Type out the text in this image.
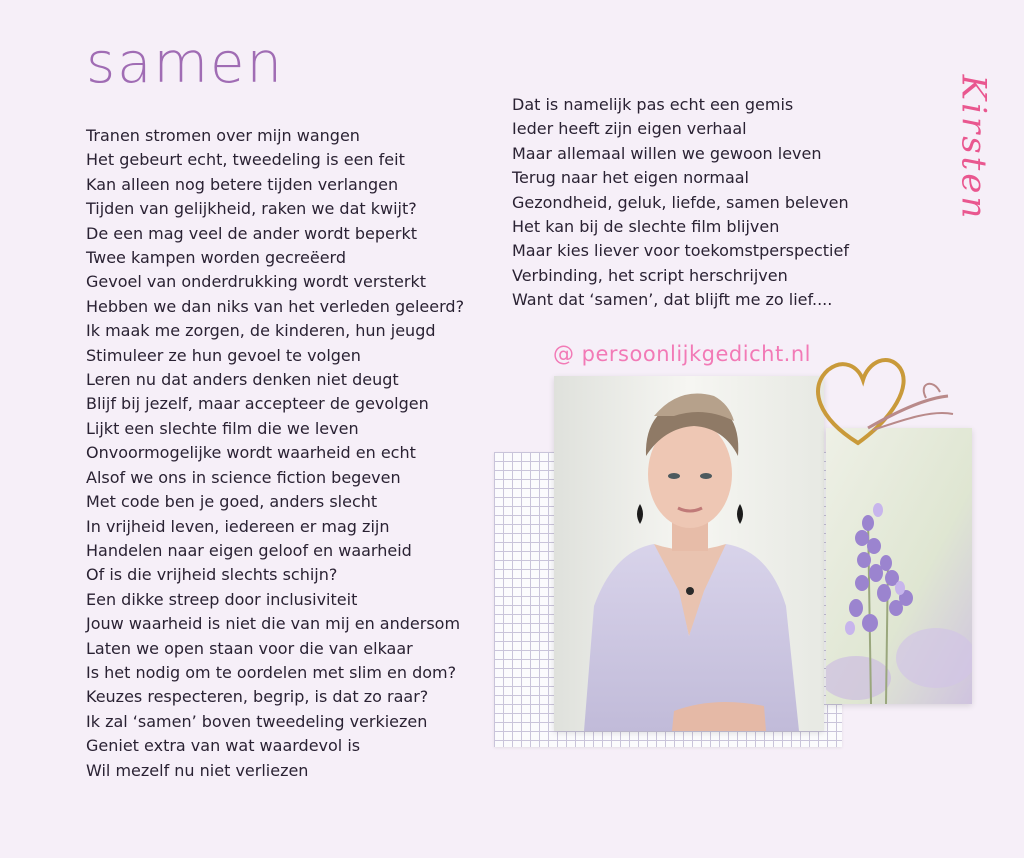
samen
Tranen stromen over mijn wangen
Het gebeurt echt, tweedeling is een feit
Kan alleen nog betere tijden verlangen
Tijden van gelijkheid, raken we dat kwijt?
De een mag veel de ander wordt beperkt
Twee kampen worden gecreëerd
Gevoel van onderdrukking wordt versterkt
Hebben we dan niks van het verleden geleerd?
Ik maak me zorgen, de kinderen, hun jeugd
Stimuleer ze hun gevoel te volgen
Leren nu dat anders denken niet deugt
Blijf bij jezelf, maar accepteer de gevolgen
Lijkt een slechte film die we leven
Onvoormogelijke wordt waarheid en echt
Alsof we ons in science fiction begeven
Met code ben je goed, anders slecht
In vrijheid leven, iedereen er mag zijn
Handelen naar eigen geloof en waarheid
Of is die vrijheid slechts schijn?
Een dikke streep door inclusiviteit
Jouw waarheid is niet die van mij en andersom
Laten we open staan voor die van elkaar
Is het nodig om te oordelen met slim en dom?
Keuzes respecteren, begrip, is dat zo raar?
Ik zal ‘samen’ boven tweedeling verkiezen
Geniet extra van wat waardevol is
Wil mezelf nu niet verliezen
Dat is namelijk pas echt een gemis
Ieder heeft zijn eigen verhaal
Maar allemaal willen we gewoon leven
Terug naar het eigen normaal
Gezondheid, geluk, liefde, samen beleven
Het kan bij de slechte film blijven
Maar kies liever voor toekomstperspectief
Verbinding, het script herschrijven
Want dat ‘samen’, dat blijft me zo lief....
Kirsten
@ persoonlijkgedicht.nl
